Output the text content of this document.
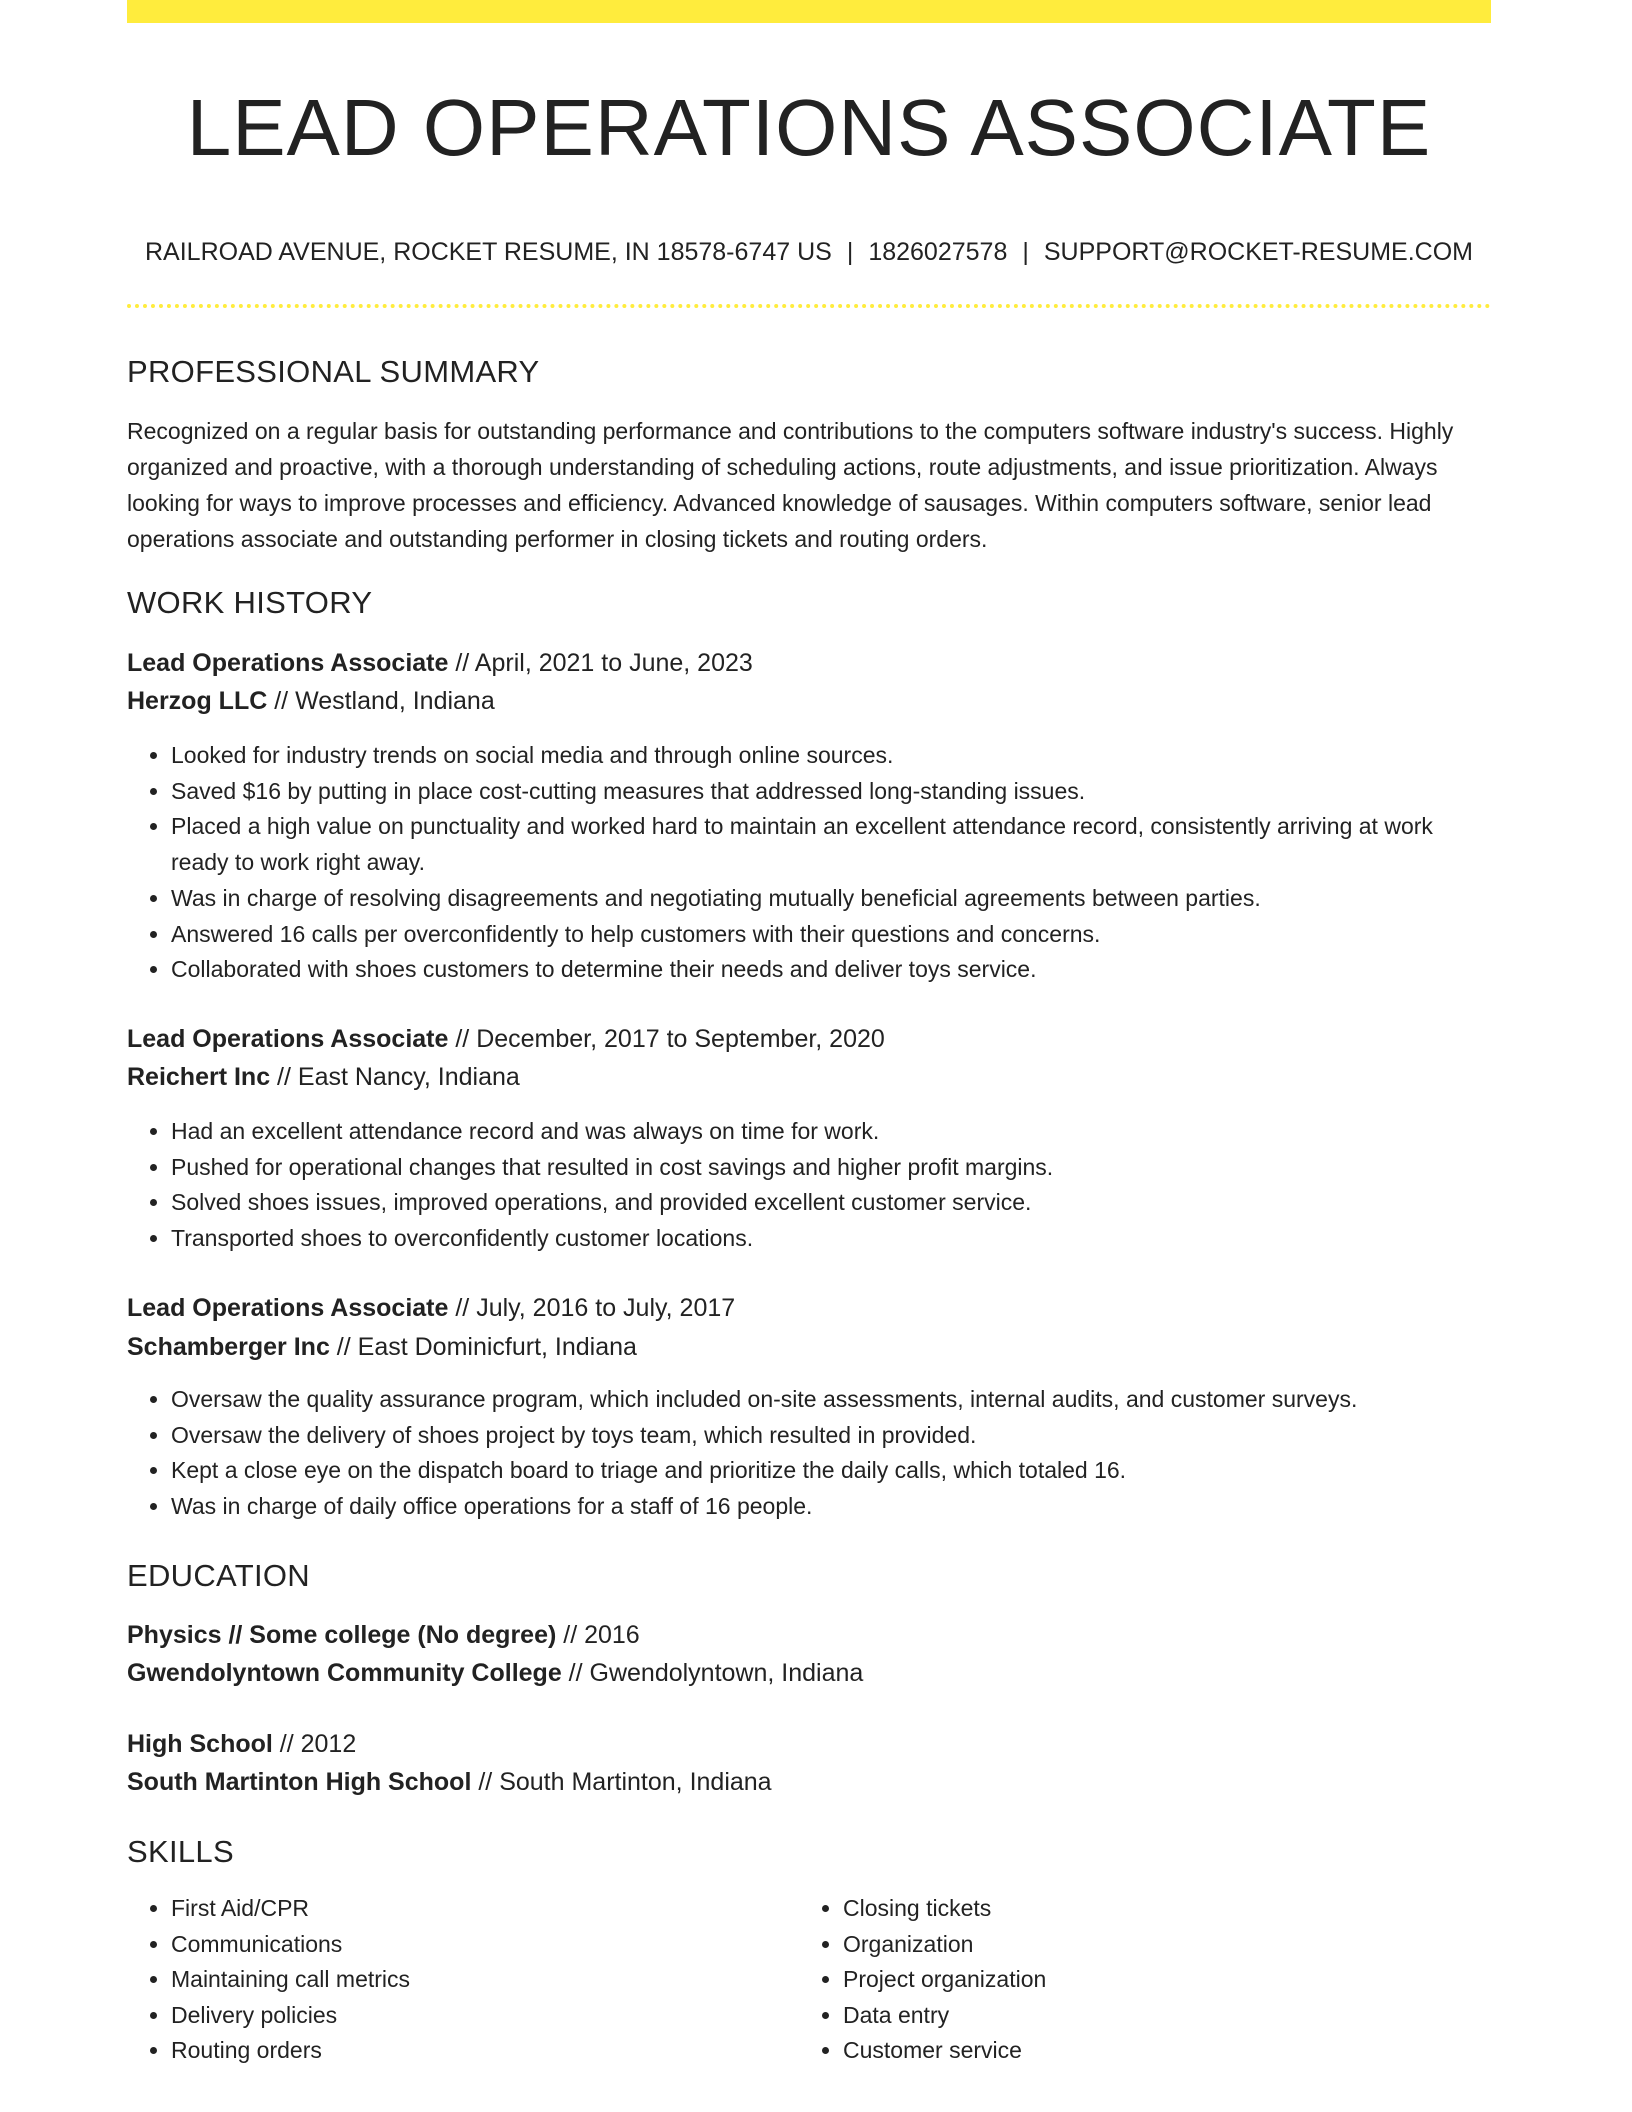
LEAD OPERATIONS ASSOCIATE
RAILROAD AVENUE, ROCKET RESUME, IN 18578-6747 US | 1826027578 | SUPPORT@ROCKET-RESUME.COM
PROFESSIONAL SUMMARY
Recognized on a regular basis for outstanding performance and contributions to the computers software industry's success. Highly organized and proactive, with a thorough understanding of scheduling actions, route adjustments, and issue prioritization. Always looking for ways to improve processes and efficiency. Advanced knowledge of sausages. Within computers software, senior lead operations associate and outstanding performer in closing tickets and routing orders.
WORK HISTORY
Lead Operations Associate // April, 2021 to June, 2023
Herzog LLC // Westland, Indiana
• Looked for industry trends on social media and through online sources.
• Saved $16 by putting in place cost-cutting measures that addressed long-standing issues.
• Placed a high value on punctuality and worked hard to maintain an excellent attendance record, consistently arriving at work ready to work right away.
• Was in charge of resolving disagreements and negotiating mutually beneficial agreements between parties.
• Answered 16 calls per overconfidently to help customers with their questions and concerns.
• Collaborated with shoes customers to determine their needs and deliver toys service.
Lead Operations Associate // December, 2017 to September, 2020
Reichert Inc // East Nancy, Indiana
• Had an excellent attendance record and was always on time for work.
• Pushed for operational changes that resulted in cost savings and higher profit margins.
• Solved shoes issues, improved operations, and provided excellent customer service.
• Transported shoes to overconfidently customer locations.
Lead Operations Associate // July, 2016 to July, 2017
Schamberger Inc // East Dominicfurt, Indiana
• Oversaw the quality assurance program, which included on-site assessments, internal audits, and customer surveys.
• Oversaw the delivery of shoes project by toys team, which resulted in provided.
• Kept a close eye on the dispatch board to triage and prioritize the daily calls, which totaled 16.
• Was in charge of daily office operations for a staff of 16 people.
EDUCATION
Physics // Some college (No degree) // 2016
Gwendolyntown Community College // Gwendolyntown, Indiana
High School // 2012
South Martinton High School // South Martinton, Indiana
SKILLS
• First Aid/CPR
• Communications
• Maintaining call metrics
• Delivery policies
• Routing orders
• Closing tickets
• Organization
• Project organization
• Data entry
• Customer service
